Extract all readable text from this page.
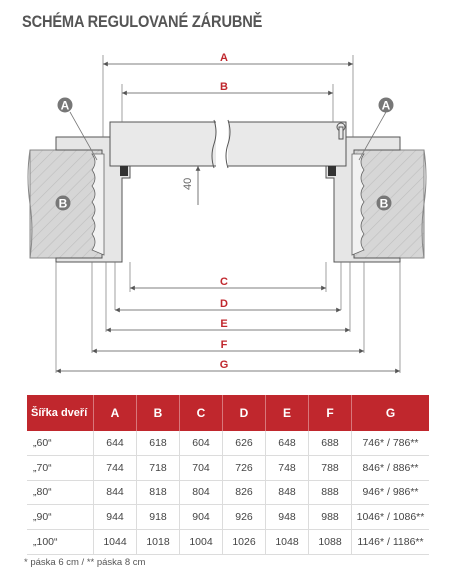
SCHÉMA REGULOVANÉ ZÁRUBNĚ
40
A
B
C
D
E
F
G
A	A
B	B
Šířka dveří	A	B	C	D	E	F	G
„60“	644	618	604	626	648	688	746* / 786**
„70“	744	718	704	726	748	788	846* / 886**
„80“	844	818	804	826	848	888	946* / 986**
„90“	944	918	904	926	948	988	1046* / 1086**
„100“	1044	1018	1004	1026	1048	1088	1146* / 1186**
* páska 6 cm / ** páska 8 cm
